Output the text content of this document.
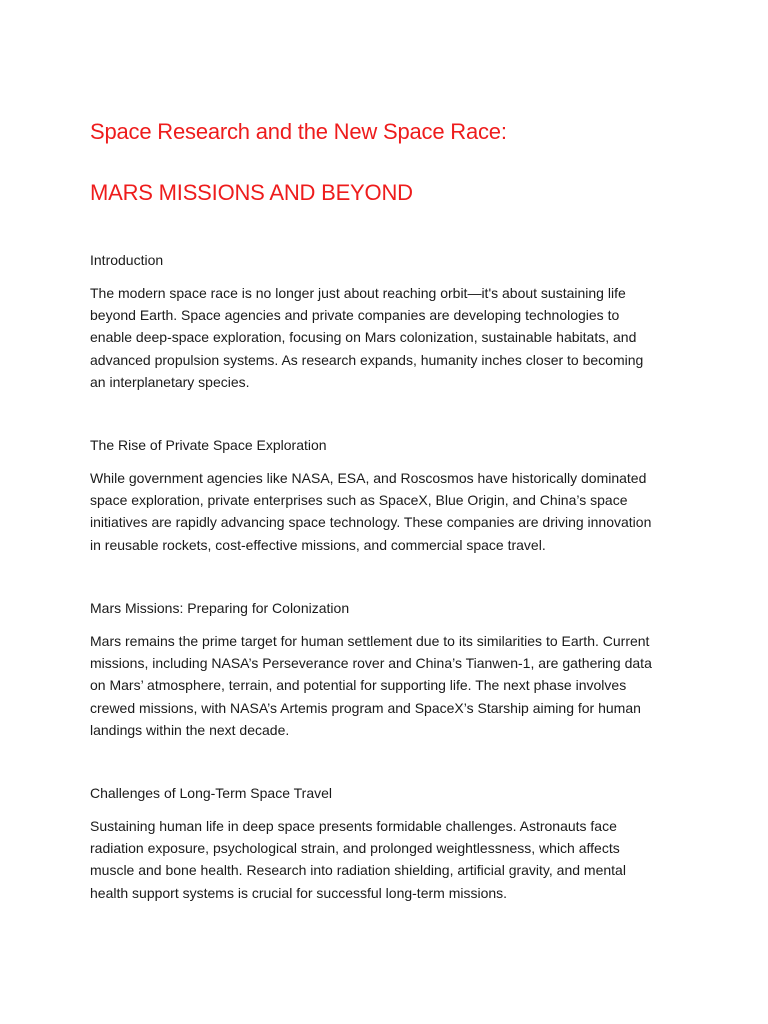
Space Research and the New Space Race:
MARS MISSIONS AND BEYOND
Introduction

The modern space race is no longer just about reaching orbit—it's about sustaining life
beyond Earth. Space agencies and private companies are developing technologies to
enable deep-space exploration, focusing on Mars colonization, sustainable habitats, and
advanced propulsion systems. As research expands, humanity inches closer to becoming
an interplanetary species.

The Rise of Private Space Exploration

While government agencies like NASA, ESA, and Roscosmos have historically dominated
space exploration, private enterprises such as SpaceX, Blue Origin, and China’s space
initiatives are rapidly advancing space technology. These companies are driving innovation
in reusable rockets, cost-effective missions, and commercial space travel.

Mars Missions: Preparing for Colonization

Mars remains the prime target for human settlement due to its similarities to Earth. Current
missions, including NASA’s Perseverance rover and China’s Tianwen-1, are gathering data
on Mars’ atmosphere, terrain, and potential for supporting life. The next phase involves
crewed missions, with NASA’s Artemis program and SpaceX’s Starship aiming for human
landings within the next decade.

Challenges of Long-Term Space Travel

Sustaining human life in deep space presents formidable challenges. Astronauts face
radiation exposure, psychological strain, and prolonged weightlessness, which affects
muscle and bone health. Research into radiation shielding, artificial gravity, and mental
health support systems is crucial for successful long-term missions.
